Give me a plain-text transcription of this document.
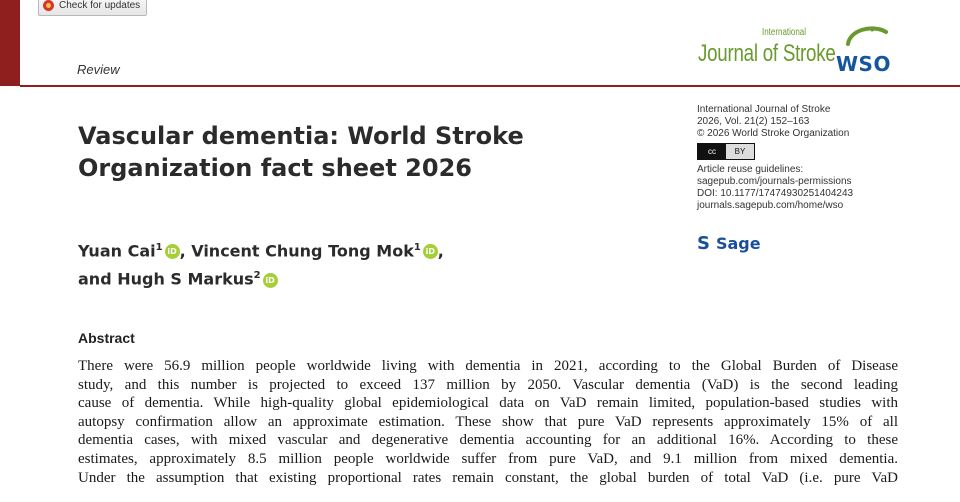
Check for updates
Review
International
Journal of Stroke WSO
Vascular dementia: World Stroke
Organization fact sheet 2026
Yuan Cai$^1$ iD , Vincent Chung Tong Mok$^1$ iD ,
and Hugh S Markus$^2$ iD
International Journal of Stroke
2026, Vol. 21(2) 152–163
© 2026 World Stroke Organization
cc	BY
Article reuse guidelines:
sagepub.com/journals-permissions
DOI: 10.1177/17474930251404243
journals.sagepub.com/home/wso
S Sage
Abstract

There were 56.9 million people worldwide living with dementia in 2021, according to the Global Burden of Disease
study, and this number is projected to exceed 137 million by 2050. Vascular dementia (VaD) is the second leading
cause of dementia. While high-quality global epidemiological data on VaD remain limited, population-based studies with
autopsy confirmation allow an approximate estimation. These show that pure VaD represents approximately 15% of all
dementia cases, with mixed vascular and degenerative dementia accounting for an additional 16%. According to these
estimates, approximately 8.5 million people worldwide suffer from pure VaD, and 9.1 million from mixed dementia.
Under the assumption that existing proportional rates remain constant, the global burden of total VaD (i.e. pure VaD
